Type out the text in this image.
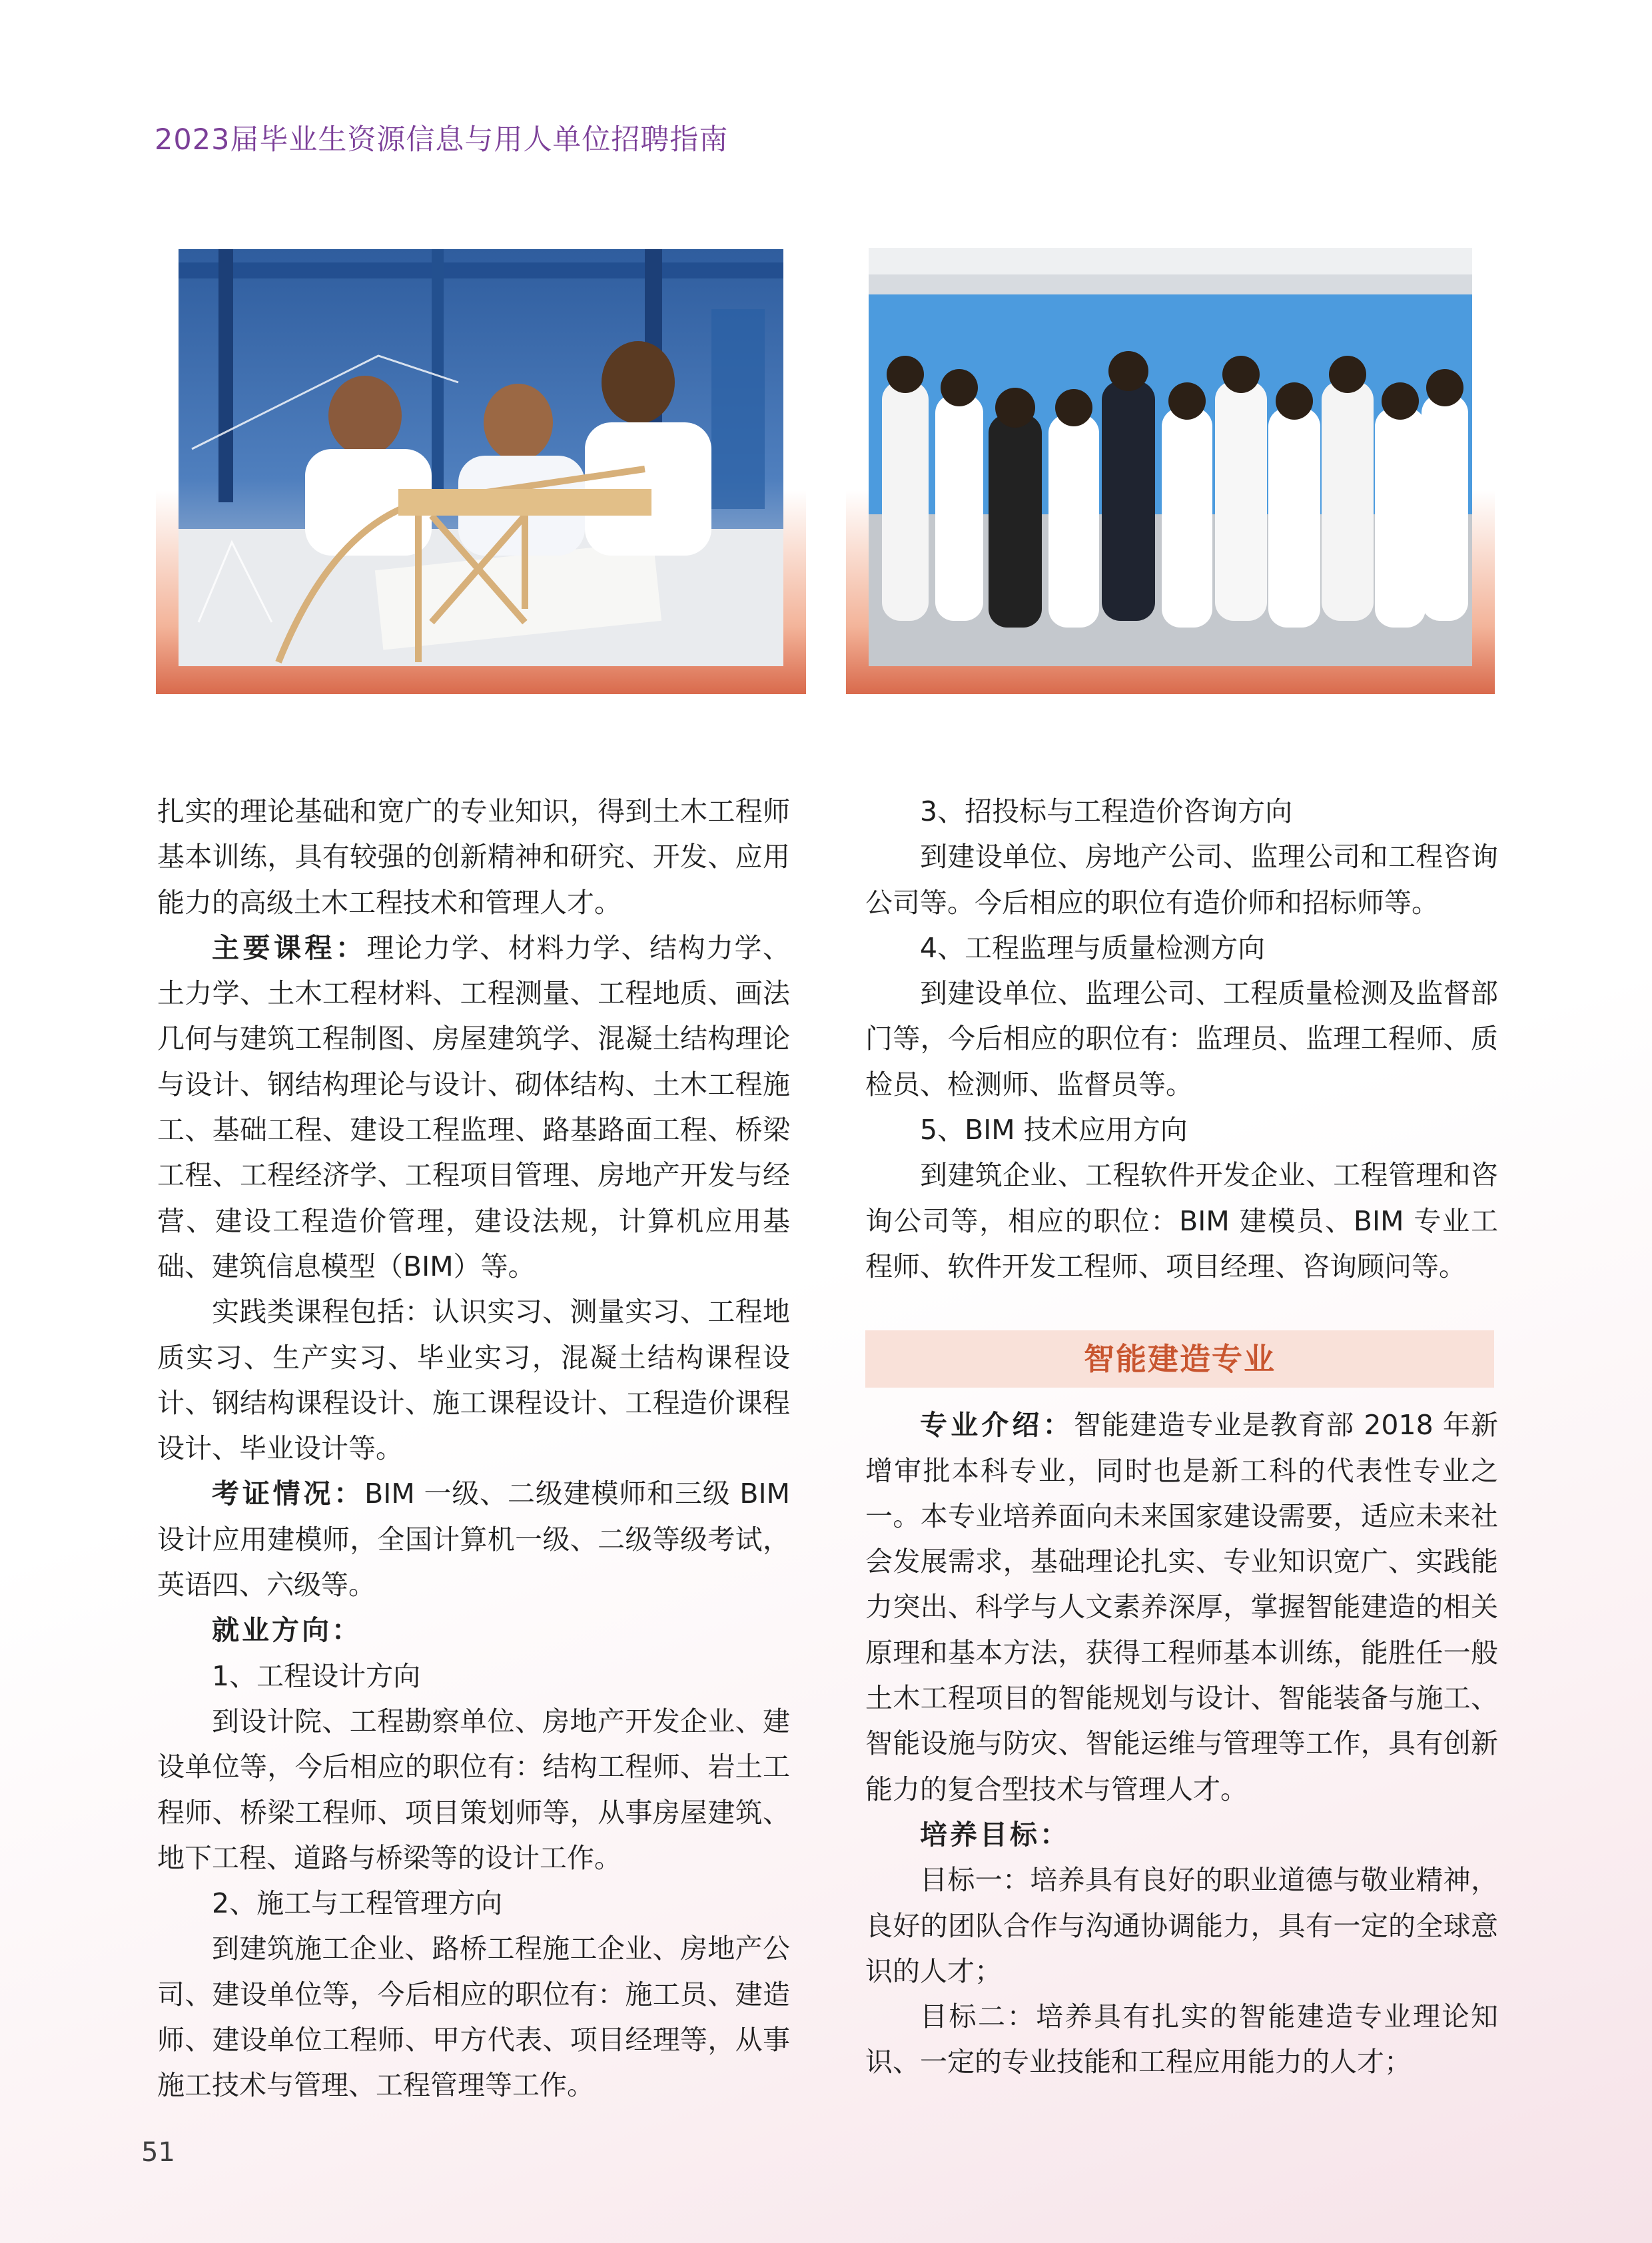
2023届毕业生资源信息与用人单位招聘指南

扎实的理论基础和宽广的专业知识，得到土木工程师基本训练，具有较强的创新精神和研究、开发、应用能力的高级土木工程技术和管理人才。

主要课程：理论力学、材料力学、结构力学、土力学、土木工程材料、工程测量、工程地质、画法几何与建筑工程制图、房屋建筑学、混凝土结构理论与设计、钢结构理论与设计、砌体结构、土木工程施工、基础工程、建设工程监理、路基路面工程、桥梁工程、工程经济学、工程项目管理、房地产开发与经营、建设工程造价管理，建设法规，计算机应用基础、建筑信息模型（BIM）等。

实践类课程包括：认识实习、测量实习、工程地质实习、生产实习、毕业实习，混凝土结构课程设计、钢结构课程设计、施工课程设计、工程造价课程设计、毕业设计等。

考证情况：BIM 一级、二级建模师和三级 BIM 设计应用建模师，全国计算机一级、二级等级考试，英语四、六级等。

就业方向：

1、工程设计方向

到设计院、工程勘察单位、房地产开发企业、建设单位等，今后相应的职位有：结构工程师、岩土工程师、桥梁工程师、项目策划师等，从事房屋建筑、地下工程、道路与桥梁等的设计工作。

2、施工与工程管理方向

到建筑施工企业、路桥工程施工企业、房地产公司、建设单位等，今后相应的职位有：施工员、建造师、建设单位工程师、甲方代表、项目经理等，从事施工技术与管理、工程管理等工作。

3、招投标与工程造价咨询方向

到建设单位、房地产公司、监理公司和工程咨询公司等。今后相应的职位有造价师和招标师等。

4、工程监理与质量检测方向

到建设单位、监理公司、工程质量检测及监督部门等，今后相应的职位有：监理员、监理工程师、质检员、检测师、监督员等。

5、BIM 技术应用方向

到建筑企业、工程软件开发企业、工程管理和咨询公司等，相应的职位：BIM 建模员、BIM 专业工程师、软件开发工程师、项目经理、咨询顾问等。

智能建造专业

专业介绍：智能建造专业是教育部 2018 年新增审批本科专业，同时也是新工科的代表性专业之一。本专业培养面向未来国家建设需要，适应未来社会发展需求，基础理论扎实、专业知识宽广、实践能力突出、科学与人文素养深厚，掌握智能建造的相关原理和基本方法，获得工程师基本训练，能胜任一般土木工程项目的智能规划与设计、智能装备与施工、智能设施与防灾、智能运维与管理等工作，具有创新能力的复合型技术与管理人才。

培养目标：

目标一：培养具有良好的职业道德与敬业精神，良好的团队合作与沟通协调能力，具有一定的全球意识的人才；

目标二：培养具有扎实的智能建造专业理论知识、一定的专业技能和工程应用能力的人才；

51
